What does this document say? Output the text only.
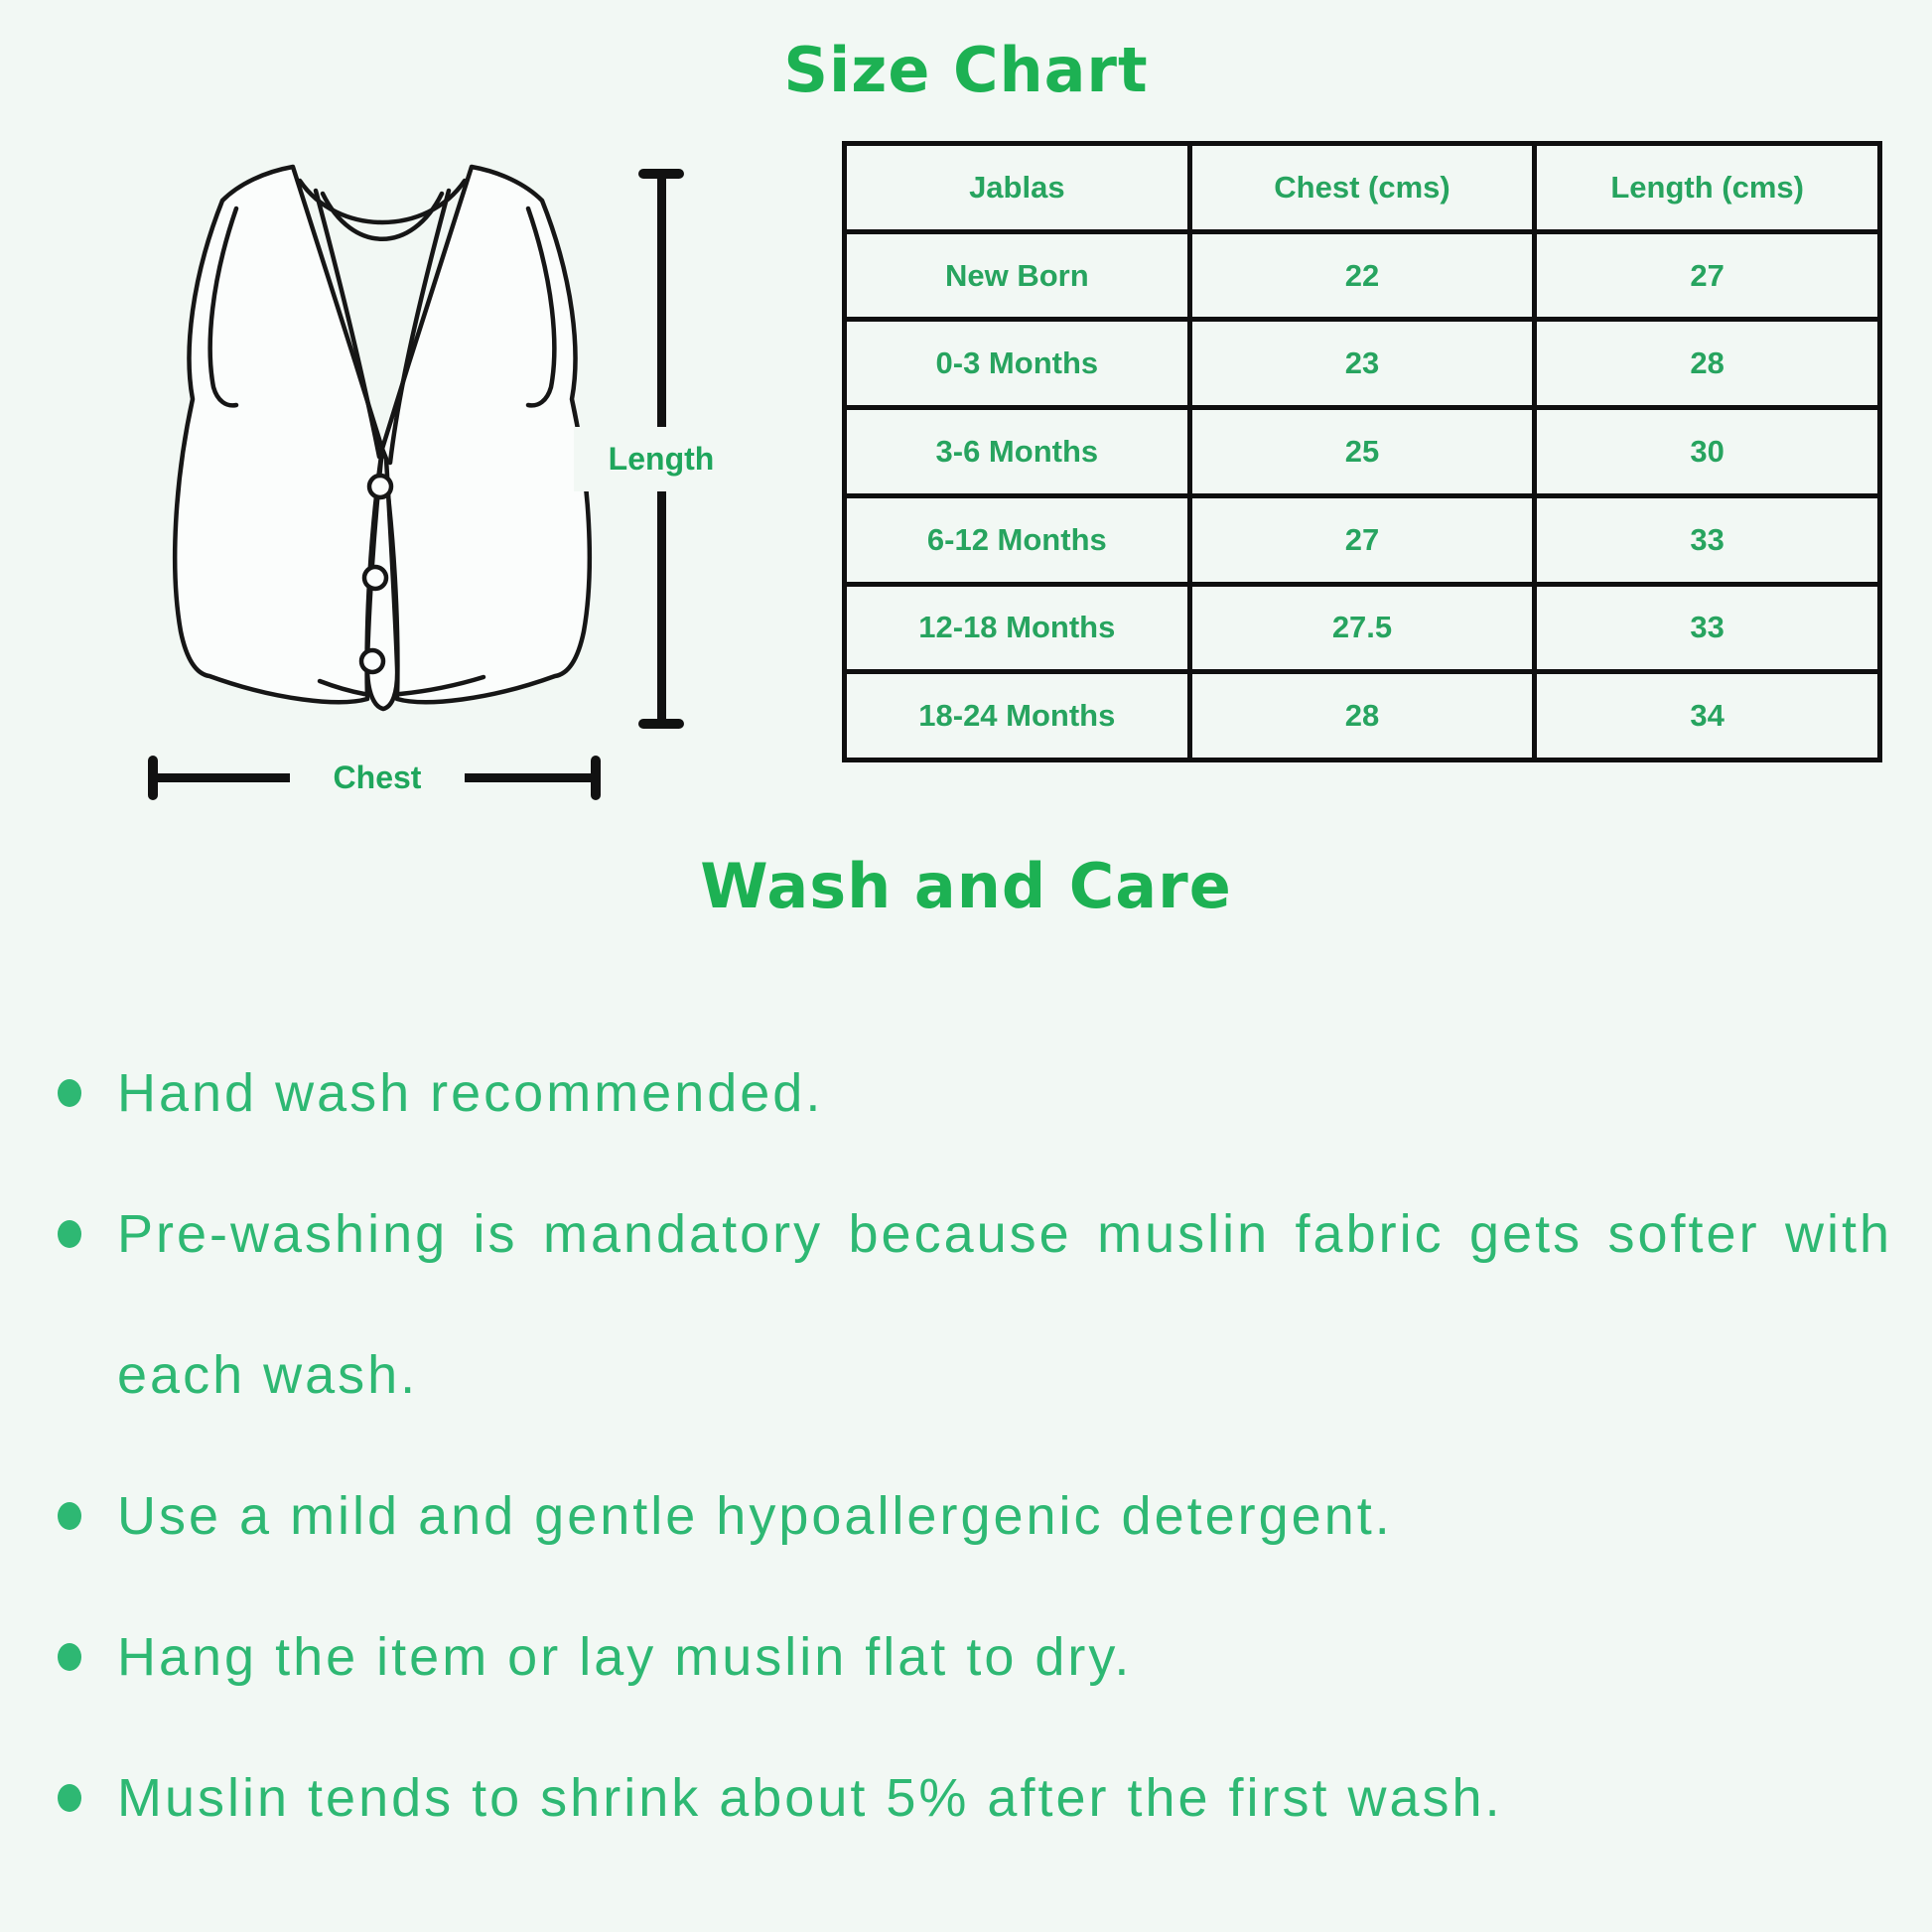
Size Chart
Length
Chest
Jablas	Chest (cms)	Length (cms)
New Born	22	27
0-3 Months	23	28
3-6 Months	25	30
6-12 Months	27	33
12-18 Months	27.5	33
18-24 Months	28	34
Wash and Care
Hand wash recommended.
Pre-washing is mandatory because muslin fabric gets softer with each wash.
Use a mild and gentle hypoallergenic detergent.
Hang the item or lay muslin flat to dry.
Muslin tends to shrink about 5% after the first wash.
